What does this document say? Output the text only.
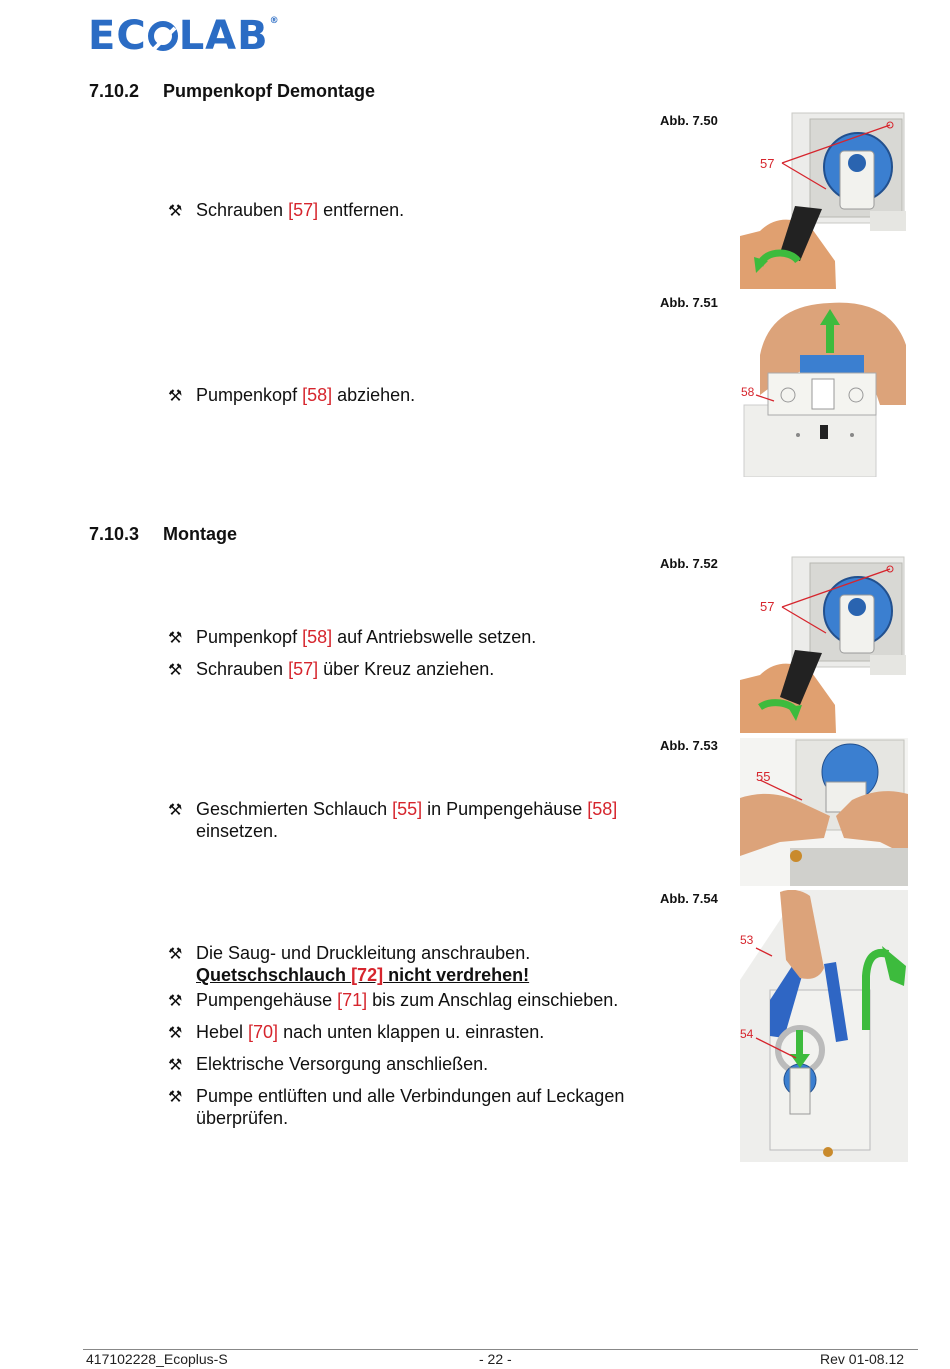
EC LAB®
7.10.2 Pumpenkopf Demontage
Abb. 7.50
57
⚒ Schrauben [57] entfernen.
Abb. 7.51
58
⚒ Pumpenkopf [58] abziehen.
7.10.3 Montage
Abb. 7.52
57
⚒ Pumpenkopf [58] auf Antriebswelle setzen.
⚒ Schrauben [57] über Kreuz anziehen.
Abb. 7.53
55
⚒ Geschmierten Schlauch [55] in Pumpengehäuse [58]
einsetzen.
Abb. 7.54
53
54
⚒ Die Saug- und Druckleitung anschrauben.
Quetschschlauch [72] nicht verdrehen!
⚒ Pumpengehäuse [71] bis zum Anschlag einschieben.
⚒ Hebel [70] nach unten klappen u. einrasten.
⚒ Elektrische Versorgung anschließen.
⚒ Pumpe entlüften und alle Verbindungen auf Leckagen
überprüfen.
417102228_Ecoplus-S	- 22 -	Rev 01-08.12
